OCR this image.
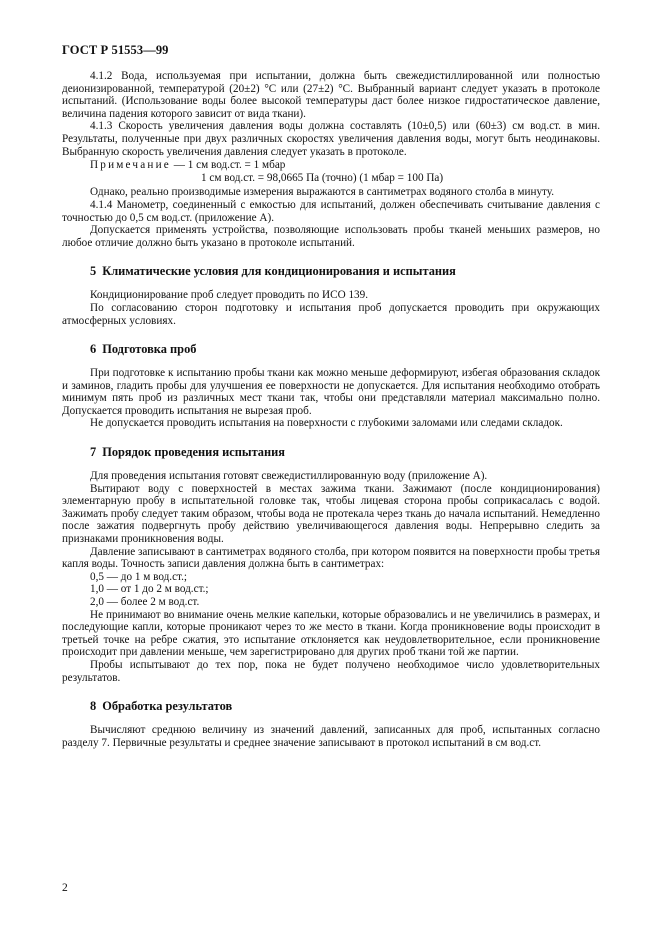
ГОСТ Р 51553—99

4.1.2 Вода, используемая при испытании, должна быть свежедистиллированной или полностью деионизированной, температурой (20±2) °С или (27±2) °С. Выбранный вариант следует указать в протоколе испытаний. (Использование воды более высокой температуры даст более низкое гидростатическое давление, величина падения которого зависит от вида ткани).

4.1.3 Скорость увеличения давления воды должна составлять (10±0,5) или (60±3) см вод.ст. в мин. Результаты, полученные при двух различных скоростях увеличения давления воды, могут быть неодинаковы. Выбранную скорость увеличения давления следует указать в протоколе.

Примечание — 1 см вод.ст. = 1 мбар
1 см вод.ст. = 98,0665 Па (точно) (1 мбар = 100 Па)

Однако, реально производимые измерения выражаются в сантиметрах водяного столба в минуту.

4.1.4 Манометр, соединенный с емкостью для испытаний, должен обеспечивать считывание давления с точностью до 0,5 см вод.ст. (приложение А).

Допускается применять устройства, позволяющие использовать пробы тканей меньших размеров, но любое отличие должно быть указано в протоколе испытаний.

5 Климатические условия для кондиционирования и испытания

Кондиционирование проб следует проводить по ИСО 139.

По согласованию сторон подготовку и испытания проб допускается проводить при окружающих атмосферных условиях.

6 Подготовка проб

При подготовке к испытанию пробы ткани как можно меньше деформируют, избегая образования складок и заминов, гладить пробы для улучшения ее поверхности не допускается. Для испытания необходимо отобрать минимум пять проб из различных мест ткани так, чтобы они представляли материал максимально полно. Допускается проводить испытания не вырезая проб.

Не допускается проводить испытания на поверхности с глубокими заломами или следами складок.

7 Порядок проведения испытания

Для проведения испытания готовят свежедистиллированную воду (приложение А).

Вытирают воду с поверхностей в местах зажима ткани. Зажимают (после кондиционирования) элементарную пробу в испытательной головке так, чтобы лицевая сторона пробы соприкасалась с водой. Зажимать пробу следует таким образом, чтобы вода не протекала через ткань до начала испытаний. Немедленно после зажатия подвергнуть пробу действию увеличивающегося давления воды. Непрерывно следить за признаками проникновения воды.

Давление записывают в сантиметрах водяного столба, при котором появится на поверхности пробы третья капля воды. Точность записи давления должна быть в сантиметрах:

0,5 — до 1 м вод.ст.;
1,0 — от 1 до 2 м вод.ст.;
2,0 — более 2 м вод.ст.

Не принимают во внимание очень мелкие капельки, которые образовались и не увеличились в размерах, и последующие капли, которые проникают через то же место в ткани. Когда проникновение воды происходит в третьей точке на ребре сжатия, это испытание отклоняется как неудовлетворительное, если проникновение происходит при давлении меньше, чем зарегистрировано для других проб ткани той же партии.

Пробы испытывают до тех пор, пока не будет получено необходимое число удовлетворительных результатов.

8 Обработка результатов

Вычисляют среднюю величину из значений давлений, записанных для проб, испытанных согласно разделу 7. Первичные результаты и среднее значение записывают в протокол испытаний в см вод.ст.

2
